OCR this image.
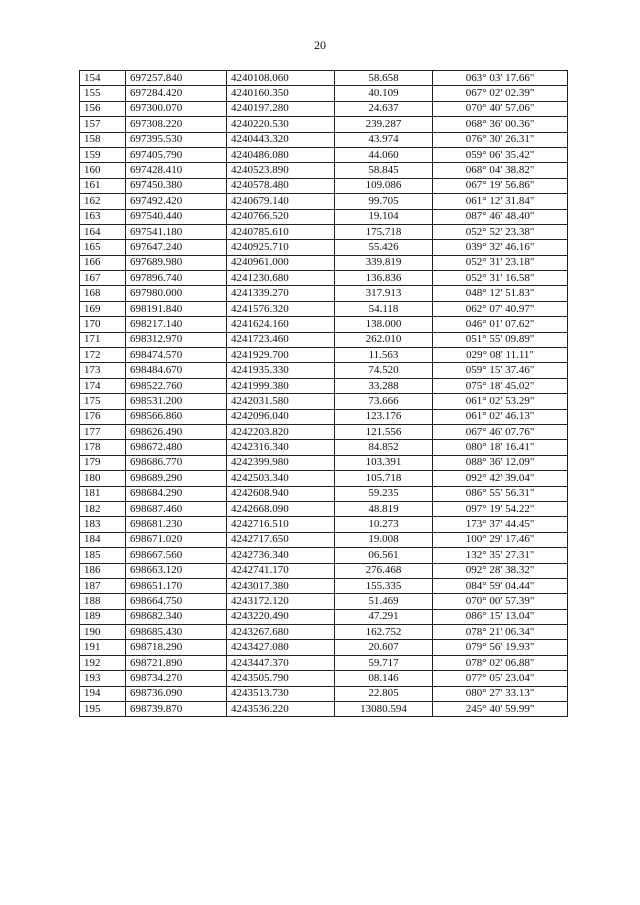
20
154	697257.840	4240108.060	58.658	063° 03' 17.66"
155	697284.420	4240160.350	40.109	067° 02' 02.39"
156	697300.070	4240197.280	24.637	070° 40' 57.06"
157	697308.220	4240220.530	239.287	068° 36' 00.36"
158	697395.530	4240443.320	43.974	076° 30' 26.31"
159	697405.790	4240486.080	44.060	059° 06' 35.42"
160	697428.410	4240523.890	58.845	068° 04' 38.82"
161	697450.380	4240578.480	109.086	067° 19' 56.86"
162	697492.420	4240679.140	99.705	061° 12' 31.84"
163	697540.440	4240766.520	19.104	087° 46' 48.40"
164	697541.180	4240785.610	175.718	052° 52' 23.38"
165	697647.240	4240925.710	55.426	039° 32' 46.16"
166	697689.980	4240961.000	339.819	052° 31' 23.18"
167	697896.740	4241230.680	136.836	052° 31' 16.58"
168	697980.000	4241339.270	317.913	048° 12' 51.83"
169	698191.840	4241576.320	54.118	062° 07' 40.97"
170	698217.140	4241624.160	138.000	046° 01' 07.62"
171	698312.970	4241723.460	262.010	051° 55' 09.89"
172	698474.570	4241929.700	11.563	029° 08' 11.11"
173	698484.670	4241935.330	74.520	059° 15' 37.46"
174	698522.760	4241999.380	33.288	075° 18' 45.02"
175	698531.200	4242031.580	73.666	061° 02' 53.29"
176	698566.860	4242096.040	123.176	061° 02' 46.13"
177	698626.490	4242203.820	121.556	067° 46' 07.76"
178	698672.480	4242316.340	84.852	080° 18' 16.41"
179	698686.770	4242399.980	103.391	088° 36' 12.09"
180	698689.290	4242503.340	105.718	092° 42' 39.04"
181	698684.290	4242608.940	59.235	086° 55' 56.31"
182	698687.460	4242668.090	48.819	097° 19' 54.22"
183	698681.230	4242716.510	10.273	173° 37' 44.45"
184	698671.020	4242717.650	19.008	100° 29' 17.46"
185	698667.560	4242736.340	06.561	132° 35' 27.31"
186	698663.120	4242741.170	276.468	092° 28' 38.32"
187	698651.170	4243017.380	155.335	084° 59' 04.44"
188	698664.750	4243172.120	51.469	070° 00' 57.39"
189	698682.340	4243220.490	47.291	086° 15' 13.04"
190	698685.430	4243267.680	162.752	078° 21' 06.34"
191	698718.290	4243427.080	20.607	079° 56' 19.93"
192	698721.890	4243447.370	59.717	078° 02' 06.88"
193	698734.270	4243505.790	08.146	077° 05' 23.04"
194	698736.090	4243513.730	22.805	080° 27' 33.13"
195	698739.870	4243536.220	13080.594	245° 40' 59.99"
